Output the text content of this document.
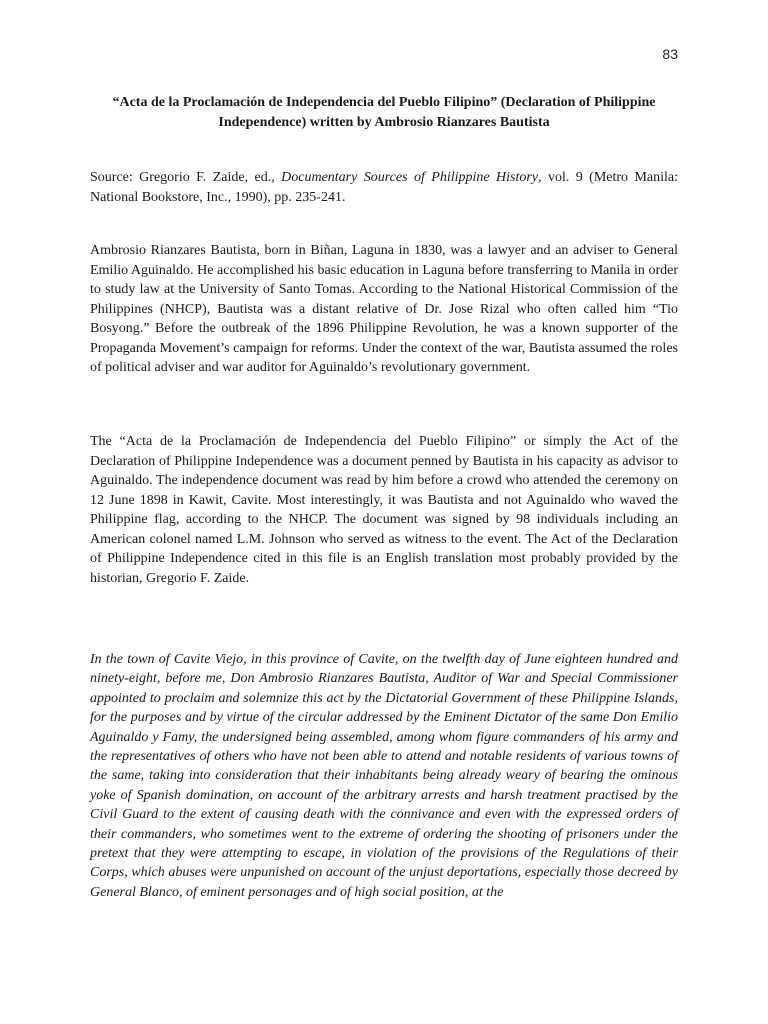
83
“Acta de la Proclamación de Independencia del Pueblo Filipino” (Declaration of Philippine Independence) written by Ambrosio Rianzares Bautista

Source: Gregorio F. Zaide, ed., Documentary Sources of Philippine History, vol. 9 (Metro Manila: National Bookstore, Inc., 1990), pp. 235-241.

Ambrosio Rianzares Bautista, born in Biñan, Laguna in 1830, was a lawyer and an adviser to General Emilio Aguinaldo. He accomplished his basic education in Laguna before transferring to Manila in order to study law at the University of Santo Tomas. According to the National Historical Commission of the Philippines (NHCP), Bautista was a distant relative of Dr. Jose Rizal who often called him “Tio Bosyong.” Before the outbreak of the 1896 Philippine Revolution, he was a known supporter of the Propaganda Movement’s campaign for reforms. Under the context of the war, Bautista assumed the roles of political adviser and war auditor for Aguinaldo’s revolutionary government.

The “Acta de la Proclamación de Independencia del Pueblo Filipino” or simply the Act of the Declaration of Philippine Independence was a document penned by Bautista in his capacity as advisor to Aguinaldo. The independence document was read by him before a crowd who attended the ceremony on 12 June 1898 in Kawit, Cavite. Most interestingly, it was Bautista and not Aguinaldo who waved the Philippine flag, according to the NHCP. The document was signed by 98 individuals including an American colonel named L.M. Johnson who served as witness to the event. The Act of the Declaration of Philippine Independence cited in this file is an English translation most probably provided by the historian, Gregorio F. Zaide.

In the town of Cavite Viejo, in this province of Cavite, on the twelfth day of June eighteen hundred and ninety-eight, before me, Don Ambrosio Rianzares Bautista, Auditor of War and Special Commissioner appointed to proclaim and solemnize this act by the Dictatorial Government of these Philippine Islands, for the purposes and by virtue of the circular addressed by the Eminent Dictator of the same Don Emilio Aguinaldo y Famy, the undersigned being assembled, among whom figure commanders of his army and the representatives of others who have not been able to attend and notable residents of various towns of the same, taking into consideration that their inhabitants being already weary of bearing the ominous yoke of Spanish domination, on account of the arbitrary arrests and harsh treatment practised by the Civil Guard to the extent of causing death with the connivance and even with the expressed orders of their commanders, who sometimes went to the extreme of ordering the shooting of prisoners under the pretext that they were attempting to escape, in violation of the provisions of the Regulations of their Corps, which abuses were unpunished on account of the unjust deportations, especially those decreed by General Blanco, of eminent personages and of high social position, at the
